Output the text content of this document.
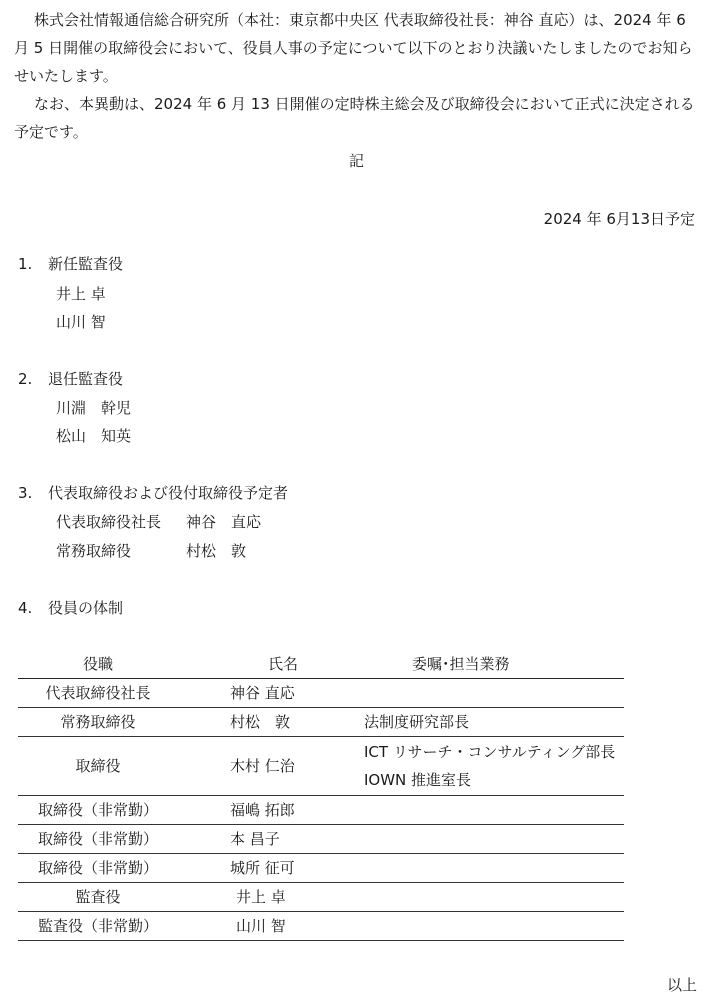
株式会社情報通信総合研究所（本社：東京都中央区 代表取締役社長：神谷 直応）は、2024 年 6 月 5 日開催の取締役会において、役員人事の予定について以下のとおり決議いたしましたのでお知らせいたします。

なお、本異動は、2024 年 6 月 13 日開催の定時株主総会及び取締役会において正式に決定される予定です。

記
2024 年 6月13日予定
1. 新任監査役
井上 卓
山川 智
2. 退任監査役
川淵　幹児
松山　知英
3. 代表取締役および役付取締役予定者
代表取締役社長 神谷　直応
常務取締役	村松　敦
4. 役員の体制
役職	氏名	委嘱･担当業務
代表取締役社長	神谷 直応	
常務取締役	村松　敦	法制度研究部長
取締役	木村 仁治	ICT リサーチ・コンサルティング部長
IOWN 推進室長

取締役（非常勤）	福嶋 拓郎	
取締役（非常勤）	本 昌子	
取締役（非常勤）	城所 征可	
監査役	井上 卓	
監査役（非常勤）	山川 智	
以上
